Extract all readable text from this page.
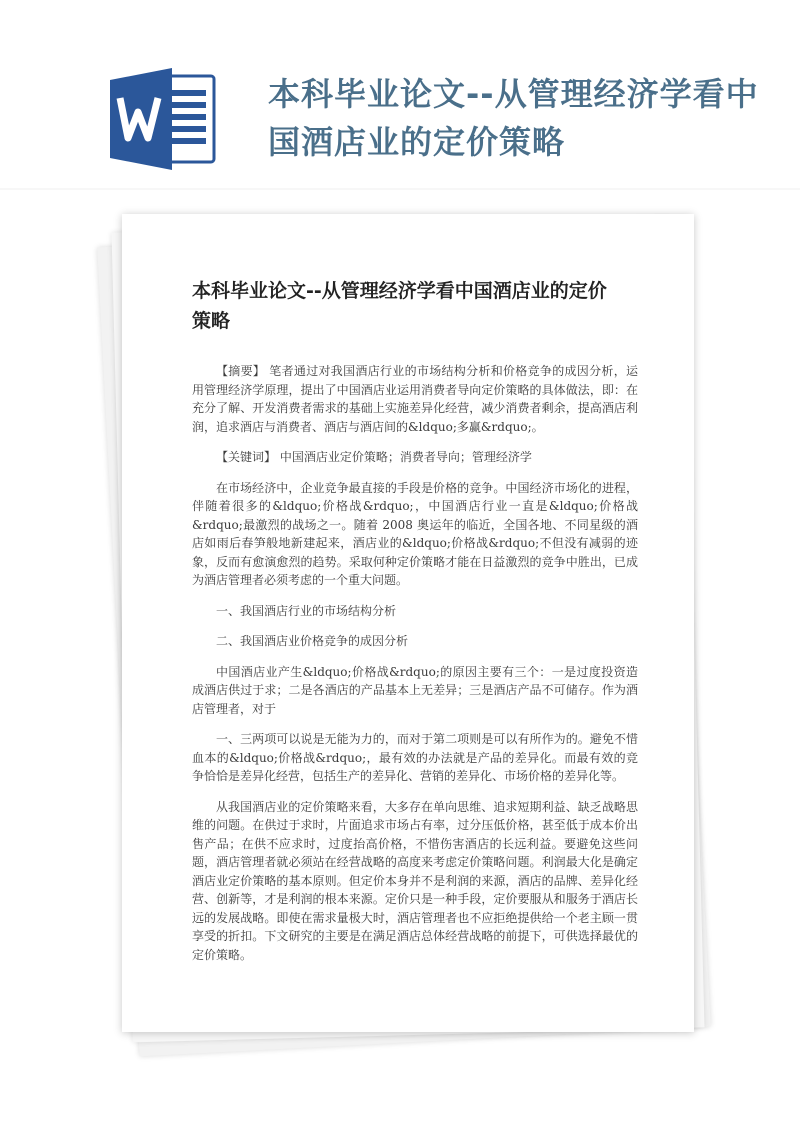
本科毕业论文--从管理经济学看中国酒店业的定价策略
本科毕业论文--从管理经济学看中国酒店业的定价策略

【摘要】 笔者通过对我国酒店行业的市场结构分析和价格竞争的成因分析，运用管理经济学原理，提出了中国酒店业运用消费者导向定价策略的具体做法，即：在充分了解、开发消费者需求的基础上实施差异化经营，减少消费者剩余，提高酒店利润，追求酒店与消费者、酒店与酒店间的&ldquo;多赢&rdquo;。

【关键词】 中国酒店业定价策略；消费者导向；管理经济学

在市场经济中，企业竞争最直接的手段是价格的竞争。中国经济市场化的进程，伴随着很多的&ldquo;价格战&rdquo;，中国酒店行业一直是&ldquo;价格战&rdquo;最激烈的战场之一。随着 2008 奥运年的临近，全国各地、不同星级的酒店如雨后春笋般地新建起来，酒店业的&ldquo;价格战&rdquo;不但没有减弱的迹象，反而有愈演愈烈的趋势。采取何种定价策略才能在日益激烈的竞争中胜出，已成为酒店管理者必须考虑的一个重大问题。

一、我国酒店行业的市场结构分析

二、我国酒店业价格竞争的成因分析

中国酒店业产生&ldquo;价格战&rdquo;的原因主要有三个：一是过度投资造成酒店供过于求；二是各酒店的产品基本上无差异；三是酒店产品不可储存。作为酒店管理者，对于

一、三两项可以说是无能为力的，而对于第二项则是可以有所作为的。避免不惜血本的&ldquo;价格战&rdquo;，最有效的办法就是产品的差异化。而最有效的竞争恰恰是差异化经营，包括生产的差异化、营销的差异化、市场价格的差异化等。

从我国酒店业的定价策略来看，大多存在单向思维、追求短期利益、缺乏战略思维的问题。在供过于求时，片面追求市场占有率，过分压低价格，甚至低于成本价出售产品；在供不应求时，过度抬高价格，不惜伤害酒店的长远利益。要避免这些问题，酒店管理者就必须站在经营战略的高度来考虑定价策略问题。利润最大化是确定酒店业定价策略的基本原则。但定价本身并不是利润的来源，酒店的品牌、差异化经营、创新等，才是利润的根本来源。定价只是一种手段，定价要服从和服务于酒店长远的发展战略。即使在需求量极大时，酒店管理者也不应拒绝提供给一个老主顾一贯享受的折扣。下文研究的主要是在满足酒店总体经营战略的前提下，可供选择最优的定价策略。
